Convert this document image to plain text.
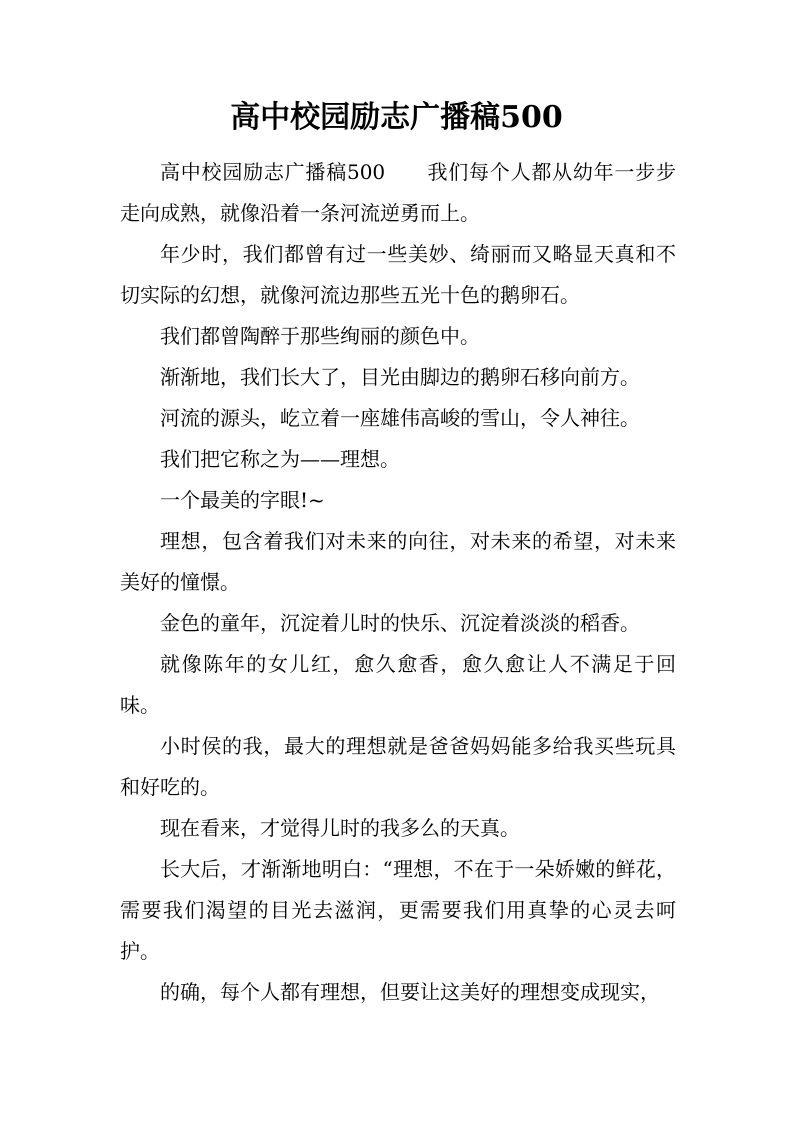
高中校园励志广播稿500

高中校园励志广播稿500　　我们每个人都从幼年一步步走向成熟，就像沿着一条河流逆勇而上。

年少时，我们都曾有过一些美妙、绮丽而又略显天真和不切实际的幻想，就像河流边那些五光十色的鹅卵石。

我们都曾陶醉于那些绚丽的颜色中。

渐渐地，我们长大了，目光由脚边的鹅卵石移向前方。

河流的源头，屹立着一座雄伟高峻的雪山，令人神往。

我们把它称之为——理想。

一个最美的字眼!~

理想，包含着我们对未来的向往，对未来的希望，对未来美好的憧憬。

金色的童年，沉淀着儿时的快乐、沉淀着淡淡的稻香。

就像陈年的女儿红，愈久愈香，愈久愈让人不满足于回味。

小时侯的我，最大的理想就是爸爸妈妈能多给我买些玩具和好吃的。

现在看来，才觉得儿时的我多么的天真。

长大后，才渐渐地明白：“理想，不在于一朵娇嫩的鲜花，需要我们渴望的目光去滋润，更需要我们用真挚的心灵去呵护。

的确，每个人都有理想，但要让这美好的理想变成现实，
